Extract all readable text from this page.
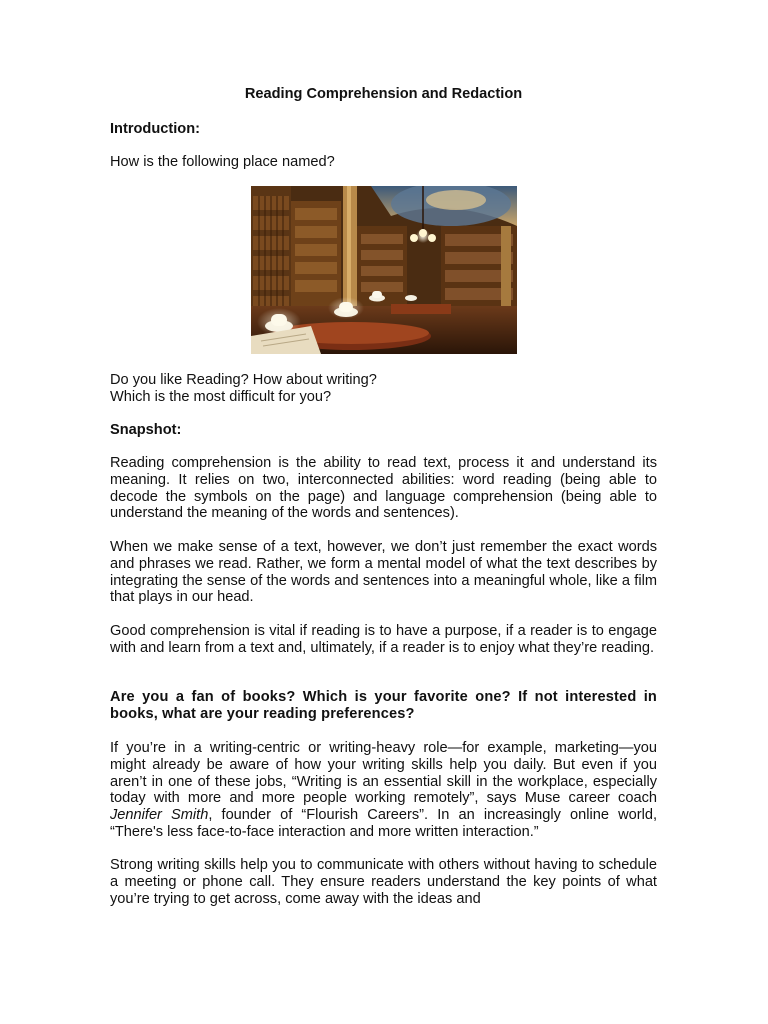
Reading Comprehension and Redaction

Introduction:

How is the following place named?

Do you like Reading? How about writing?
Which is the most difficult for you?

Snapshot:

Reading comprehension is the ability to read text, process it and understand its meaning. It relies on two, interconnected abilities: word reading (being able to decode the symbols on the page) and language comprehension (being able to understand the meaning of the words and sentences).

When we make sense of a text, however, we don’t just remember the exact words and phrases we read. Rather, we form a mental model of what the text describes by integrating the sense of the words and sentences into a meaningful whole, like a film that plays in our head.

Good comprehension is vital if reading is to have a purpose, if a reader is to engage with and learn from a text and, ultimately, if a reader is to enjoy what they’re reading.

Are you a fan of books? Which is your favorite one? If not interested in books, what are your reading preferences?

If you’re in a writing-centric or writing-heavy role—for example, marketing—you might already be aware of how your writing skills help you daily. But even if you aren’t in one of these jobs, “Writing is an essential skill in the workplace, especially today with more and more people working remotely”, says Muse career coach Jennifer Smith, founder of “Flourish Careers”. In an increasingly online world, “There's less face-to-face interaction and more written interaction.”

Strong writing skills help you to communicate with others without having to schedule a meeting or phone call. They ensure readers understand the key points of what you’re trying to get across, come away with the ideas and
